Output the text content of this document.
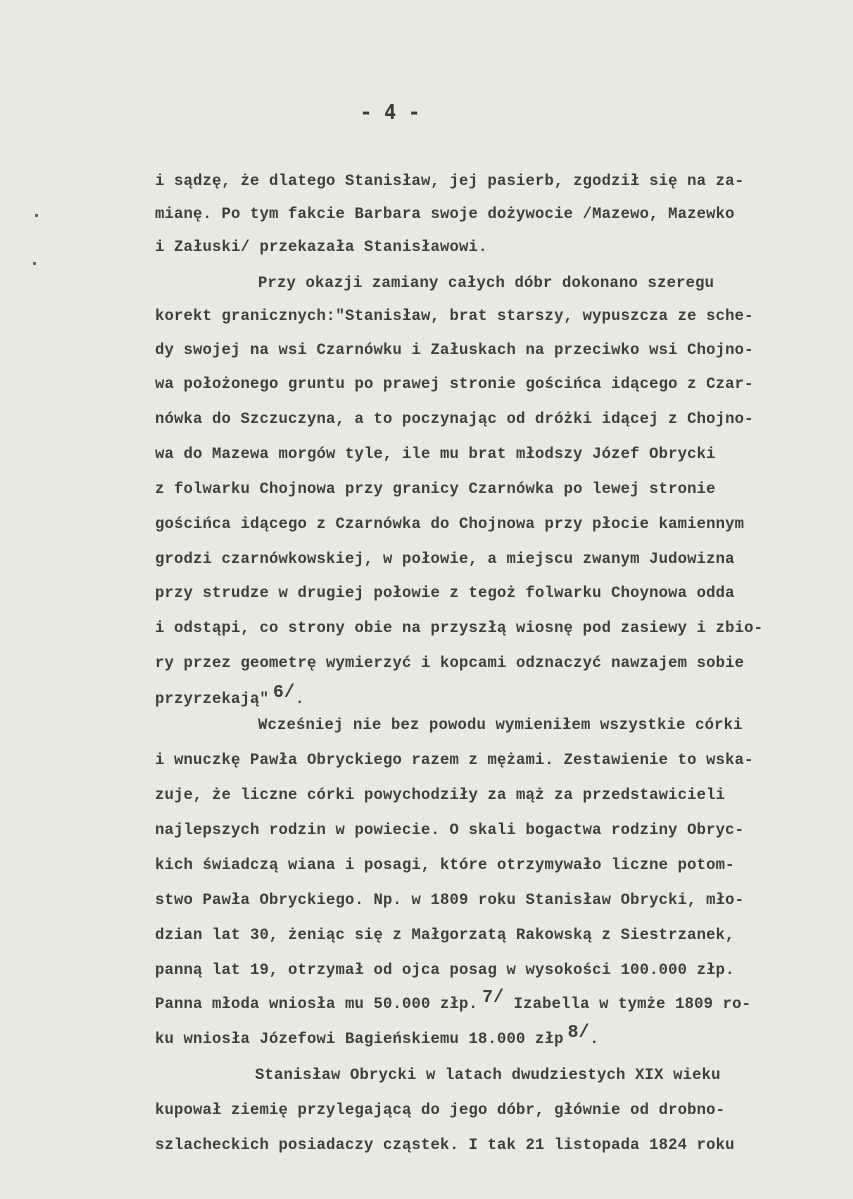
- 4 -
i sądzę, że dlatego Stanisław, jej pasierb, zgodził się na za-
mianę. Po tym fakcie Barbara swoje dożywocie /Mazewo, Mazewko
i Załuski/ przekazała Stanisławowi.
Przy okazji zamiany całych dóbr dokonano szeregu
korekt granicznych:"Stanisław, brat starszy, wypuszcza ze sche-
dy swojej na wsi Czarnówku i Załuskach na przeciwko wsi Chojno-
wa położonego gruntu po prawej stronie gościńca idącego z Czar-
nówka do Szczuczyna, a to poczynając od dróżki idącej z Chojno-
wa do Mazewa morgów tyle, ile mu brat młodszy Józef Obrycki
z folwarku Chojnowa przy granicy Czarnówka po lewej stronie
gościńca idącego z Czarnówka do Chojnowa przy płocie kamiennym
grodzi czarnówkowskiej, w połowie, a miejscu zwanym Judowizna
przy strudze w drugiej połowie z tegoż folwarku Choynowa odda
i odstąpi, co strony obie na przyszłą wiosnę pod zasiewy i zbio-
ry przez geometrę wymierzyć i kopcami odznaczyć nawzajem sobie
przyrzekają" 6/.
Wcześniej nie bez powodu wymieniłem wszystkie córki
i wnuczkę Pawła Obryckiego razem z mężami. Zestawienie to wska-
zuje, że liczne córki powychodziły za mąż za przedstawicieli
najlepszych rodzin w powiecie. O skali bogactwa rodziny Obryc-
kich świadczą wiana i posagi, które otrzymywało liczne potom-
stwo Pawła Obryckiego. Np. w 1809 roku Stanisław Obrycki, mło-
dzian lat 30, żeniąc się z Małgorzatą Rakowską z Siestrzanek,
panną lat 19, otrzymał od ojca posag w wysokości 100.000 złp.
Panna młoda wniosła mu 50.000 złp. 7/ Izabella w tymże 1809 ro-
ku wniosła Józefowi Bagieńskiemu 18.000 złp 8/.
Stanisław Obrycki w latach dwudziestych XIX wieku
kupował ziemię przylegającą do jego dóbr, głównie od drobno-
szlacheckich posiadaczy cząstek. I tak 21 listopada 1824 roku
